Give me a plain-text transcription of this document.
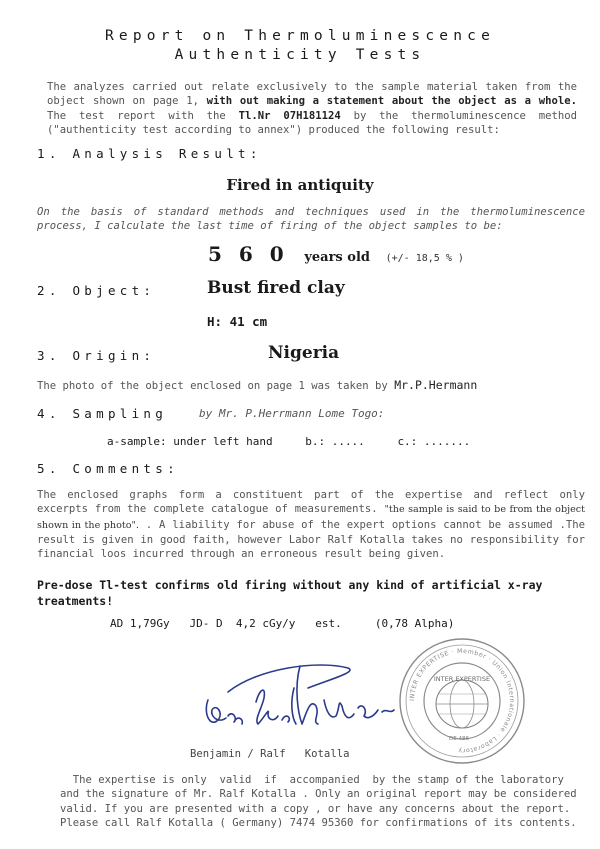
Report on Thermoluminescence
Authenticity Tests
The analyzes carried out relate exclusively to the sample material taken from the object shown on page 1, with out making a statement about the object as a whole. The test report with the Tl.Nr 07H181124 by the thermoluminescence method ("authenticity test according to annex") produced the following result:
1. Analysis Result:
Fired in antiquity
On the basis of standard methods and techniques used in the thermoluminescence process, I calculate the last time of firing of the object samples to be:
5 6 0 years old (+/- 18,5 % )
2. Object:	Bust fired clay
H: 41 cm
3. Origin:	Nigeria
The photo of the object enclosed on page 1 was taken by Mr.P.Hermann
4. Sampling	by Mr. P.Herrmann Lome Togo:
a-sample: under left hand	b.: .....	c.: .......
5. Comments:
The enclosed graphs form a constituent part of the expertise and reflect only excerpts from the complete catalogue of measurements. "the sample is said to be from the object shown in the photo". . A liability for abuse of the expert options cannot be assumed .The result is given in good faith, however Labor Ralf Kotalla takes no responsibility for financial loos incurred through an erroneous result being given.
Pre-dose Tl-test confirms old firing without any kind of artificial x-ray treatments!
AD 1,79Gy   JD- D  4,2 cGy/y   est.     (0,78 Alpha)
INTER EXPERTISE · Member · Union Internationale · Laboratory
INTER EXPERTISE
DE 486
Benjamin / Ralf   Kotalla
The expertise is only  valid  if  accompanied  by the stamp of the laboratory and the signature of Mr. Ralf Kotalla . Only an original report may be considered valid. If you are presented with a copy , or have any concerns about the report. Please call Ralf Kotalla ( Germany) 7474 95360 for confirmations of its contents.
